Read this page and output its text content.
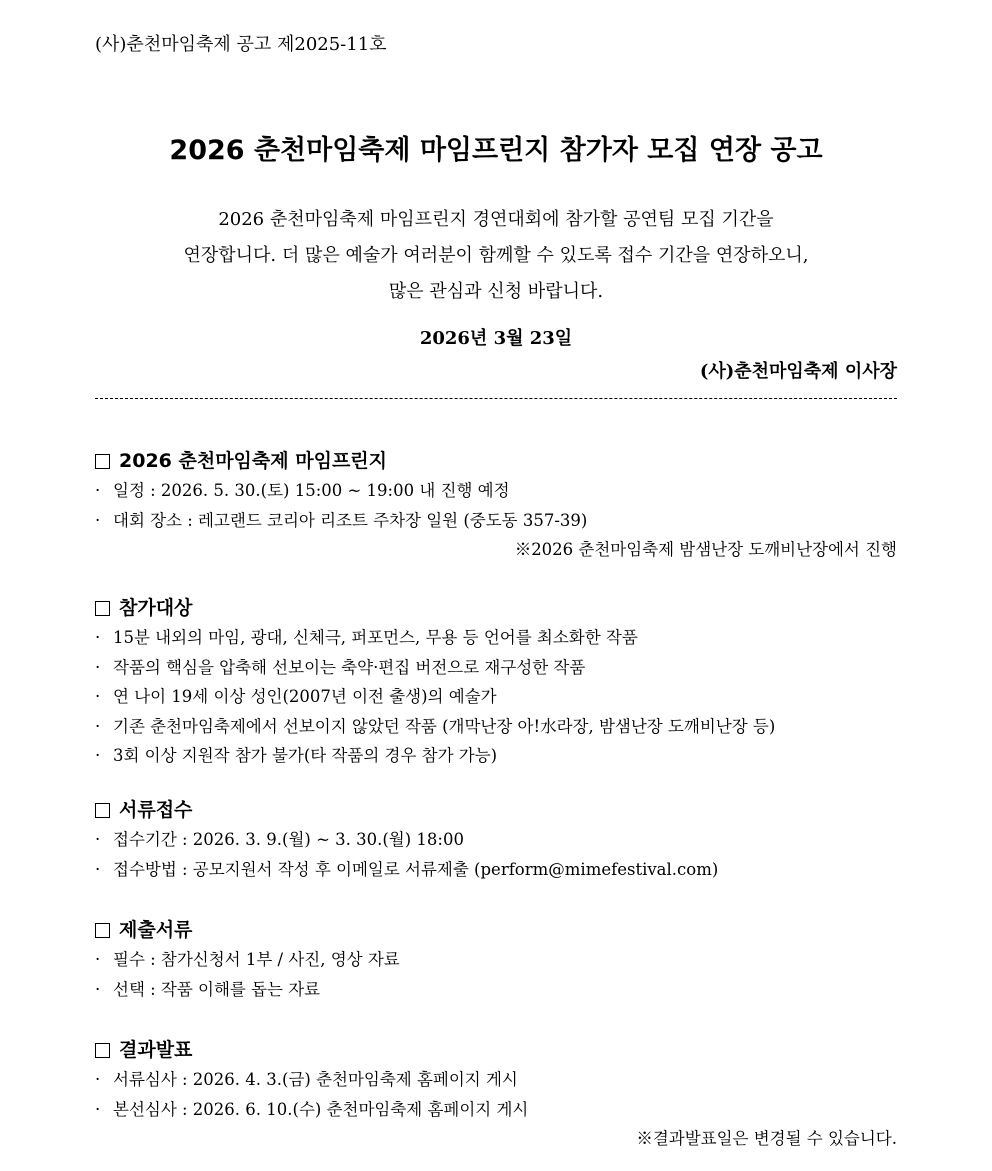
(사)춘천마임축제 공고 제2025-11호
2026 춘천마임축제 마임프린지 참가자 모집 연장 공고
2026 춘천마임축제 마임프린지 경연대회에 참가할 공연팀 모집 기간을
연장합니다. 더 많은 예술가 여러분이 함께할 수 있도록 접수 기간을 연장하오니,
많은 관심과 신청 바랍니다.
2026년 3월 23일
(사)춘천마임축제 이사장
2026 춘천마임축제 마임프린지
· 일정 : 2026. 5. 30.(토) 15:00 ~ 19:00 내 진행 예정
· 대회 장소 : 레고랜드 코리아 리조트 주차장 일원 (중도동 357-39)
※2026 춘천마임축제 밤샘난장 도깨비난장에서 진행
참가대상
· 15분 내외의 마임, 광대, 신체극, 퍼포먼스, 무용 등 언어를 최소화한 작품
· 작품의 핵심을 압축해 선보이는 축약·편집 버전으로 재구성한 작품
· 연 나이 19세 이상 성인(2007년 이전 출생)의 예술가
· 기존 춘천마임축제에서 선보이지 않았던 작품 (개막난장 아!水라장, 밤샘난장 도깨비난장 등)
· 3회 이상 지원작 참가 불가(타 작품의 경우 참가 가능)
서류접수
· 접수기간 : 2026. 3. 9.(월) ~ 3. 30.(월) 18:00
· 접수방법 : 공모지원서 작성 후 이메일로 서류제출 (perform@mimefestival.com)
제출서류
· 필수 : 참가신청서 1부 / 사진, 영상 자료
· 선택 : 작품 이해를 돕는 자료
결과발표
· 서류심사 : 2026. 4. 3.(금) 춘천마임축제 홈페이지 게시
· 본선심사 : 2026. 6. 10.(수) 춘천마임축제 홈페이지 게시
※결과발표일은 변경될 수 있습니다.
